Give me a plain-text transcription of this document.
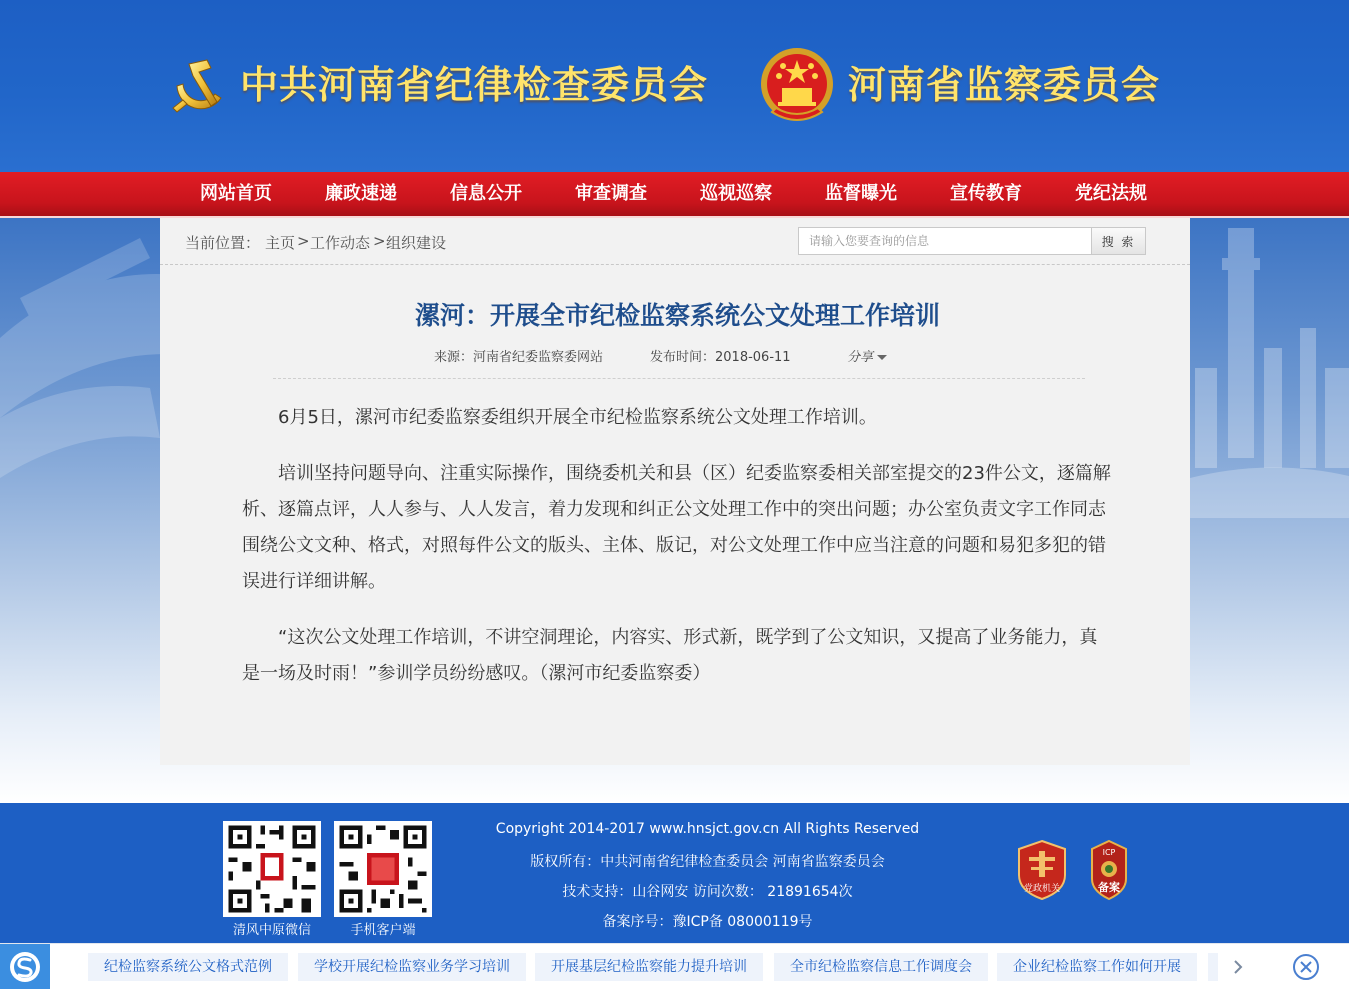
中共河南省纪律检查委员会	河南省监察委员会
网站首页	廉政速递	信息公开	审查调查	巡视巡察	监督曝光	宣传教育	党纪法规
当前位置： 主页 > 工作动态 > 组织建设
请输入您要查询的信息	搜 索
漯河：开展全市纪检监察系统公文处理工作培训
来源：河南省纪委监察委网站	发布时间：2018-06-11	分享

6月5日，漯河市纪委监察委组织开展全市纪检监察系统公文处理工作培训。

培训坚持问题导向、注重实际操作，围绕委机关和县（区）纪委监察委相关部室提交的23件公文，逐篇解析、逐篇点评，人人参与、人人发言，着力发现和纠正公文处理工作中的突出问题；办公室负责文字工作同志围绕公文文种、格式，对照每件公文的版头、主体、版记，对公文处理工作中应当注意的问题和易犯多犯的错误进行详细讲解。

“这次公文处理工作培训，不讲空洞理论，内容实、形式新，既学到了公文知识，又提高了业务能力，真是一场及时雨！”参训学员纷纷感叹。（漯河市纪委监察委）

清风中原微信	手机客户端
Copyright 2014-2017 www.hnsjct.gov.cn All Rights Reserved
版权所有：中共河南省纪律检查委员会 河南省监察委员会
技术支持：山谷网安 访问次数： 21891654次
备案序号：豫ICP备 08000119号
党政机关
ICP
备案
纪检监察系统公文格式范例	学校开展纪检监察业务学习培训	开展基层纪检监察能力提升培训	全市纪检监察信息工作调度会	企业纪检监察工作如何开展
